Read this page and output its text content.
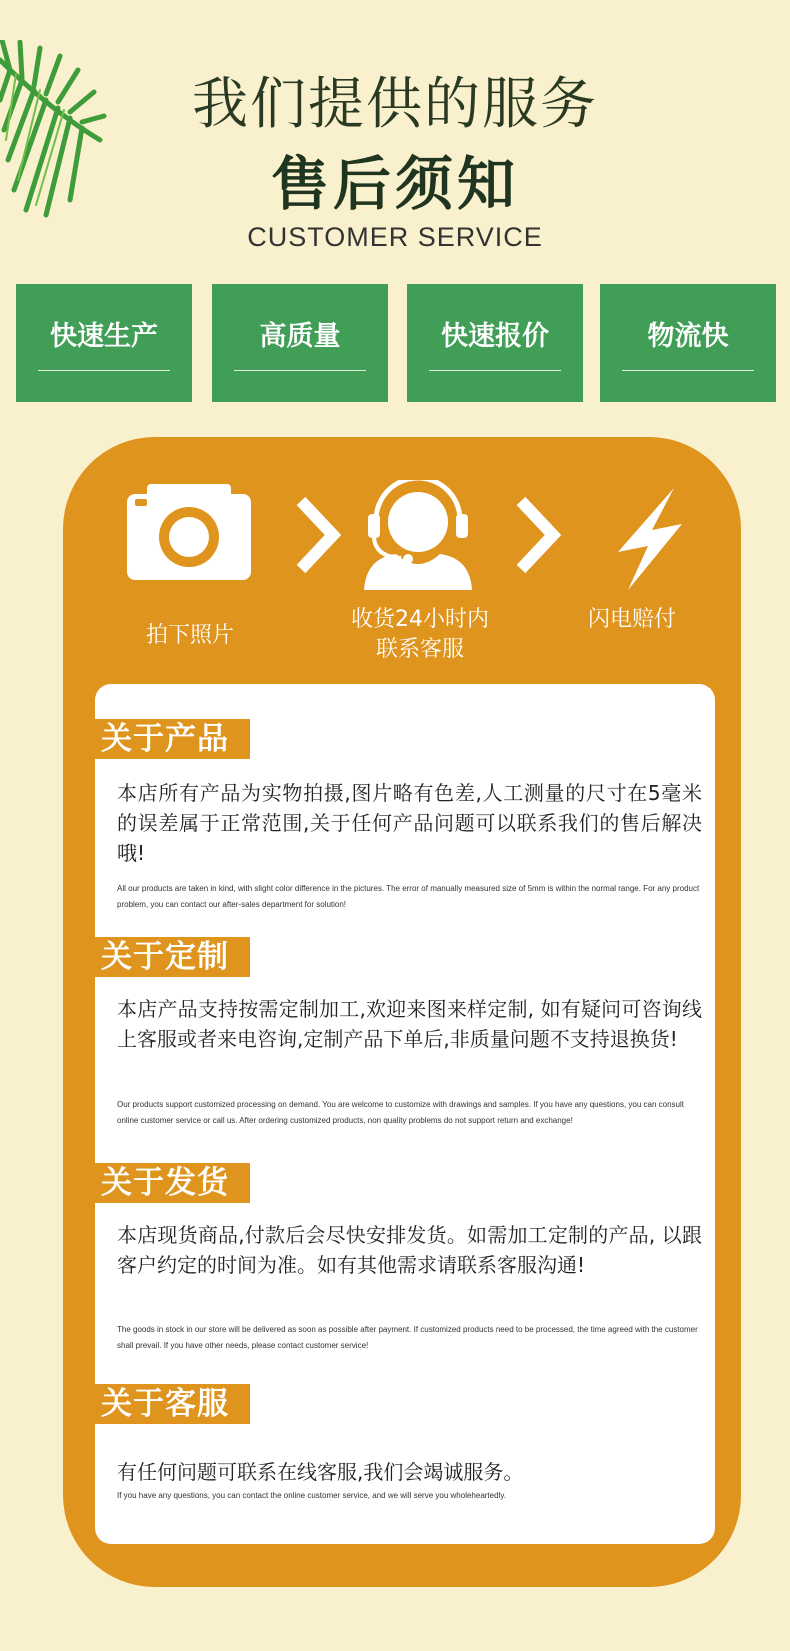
我们提供的服务
售后须知
CUSTOMER SERVICE
快速生产	高质量	快速报价	物流快
拍下照片
收货24小时内
联系客服
闪电赔付
关于产品
本店所有产品为实物拍摄,图片略有色差,人工测量的尺寸在5毫米的误差属于正常范围,关于任何产品问题可以联系我们的售后解决哦!
All our products are taken in kind, with slight color difference in the pictures. The error of manually measured size of 5mm is within the normal range. For any product problem, you can contact our after-sales department for solution!
关于定制
本店产品支持按需定制加工,欢迎来图来样定制, 如有疑问可咨询线上客服或者来电咨询,定制产品下单后,非质量问题不支持退换货!
Our products support customized processing on demand. You are welcome to customize with drawings and samples. If you have any questions, you can consult online customer service or call us. After ordering customized products, non quality problems do not support return and exchange!
关于发货
本店现货商品,付款后会尽快安排发货。如需加工定制的产品, 以跟客户约定的时间为准。如有其他需求请联系客服沟通!
The goods in stock in our store will be delivered as soon as possible after payment. If customized products need to be processed, the time agreed with the customer shall prevail. If you have other needs, please contact customer service!
关于客服
有任何问题可联系在线客服,我们会竭诚服务。
If you have any questions, you can contact the online customer service, and we will serve you wholeheartedly.
